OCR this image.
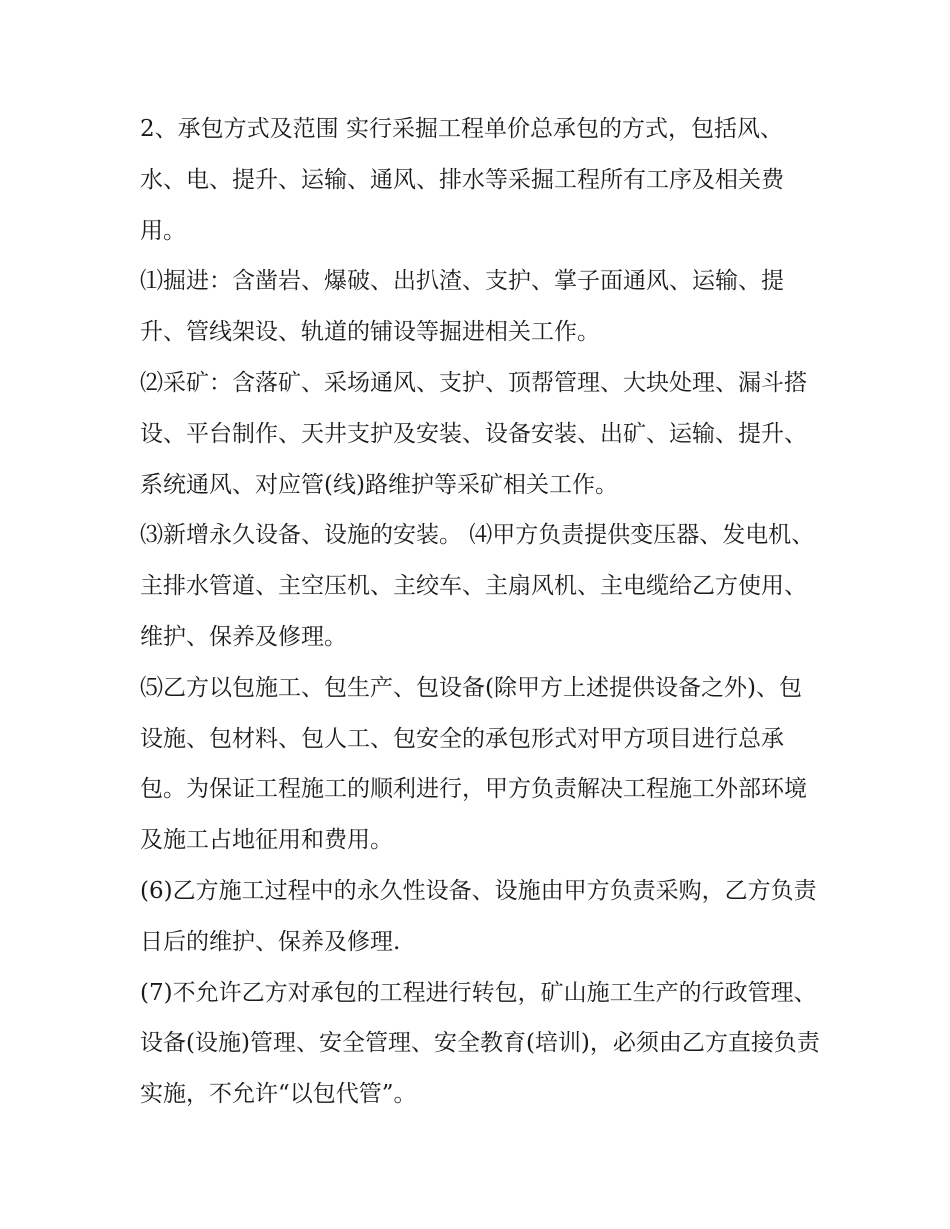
2、承包方式及范围 实行采掘工程单价总承包的方式，包括风、水、电、提升、运输、通风、排水等采掘工程所有工序及相关费用。

⑴掘进：含凿岩、爆破、出扒渣、支护、掌子面通风、运输、提升、管线架设、轨道的铺设等掘进相关工作。

⑵采矿：含落矿、采场通风、支护、顶帮管理、大块处理、漏斗搭设、平台制作、天井支护及安装、设备安装、出矿、运输、提升、系统通风、对应管(线)路维护等采矿相关工作。

⑶新增永久设备、设施的安装。 ⑷甲方负责提供变压器、发电机、主排水管道、主空压机、主绞车、主扇风机、主电缆给乙方使用、维护、保养及修理。

⑸乙方以包施工、包生产、包设备(除甲方上述提供设备之外)、包设施、包材料、包人工、包安全的承包形式对甲方项目进行总承包。为保证工程施工的顺利进行，甲方负责解决工程施工外部环境及施工占地征用和费用。

(6)乙方施工过程中的永久性设备、设施由甲方负责采购，乙方负责日后的维护、保养及修理.

(7)不允许乙方对承包的工程进行转包，矿山施工生产的行政管理、设备(设施)管理、安全管理、安全教育(培训)，必须由乙方直接负责实施，不允许“以包代管”。
